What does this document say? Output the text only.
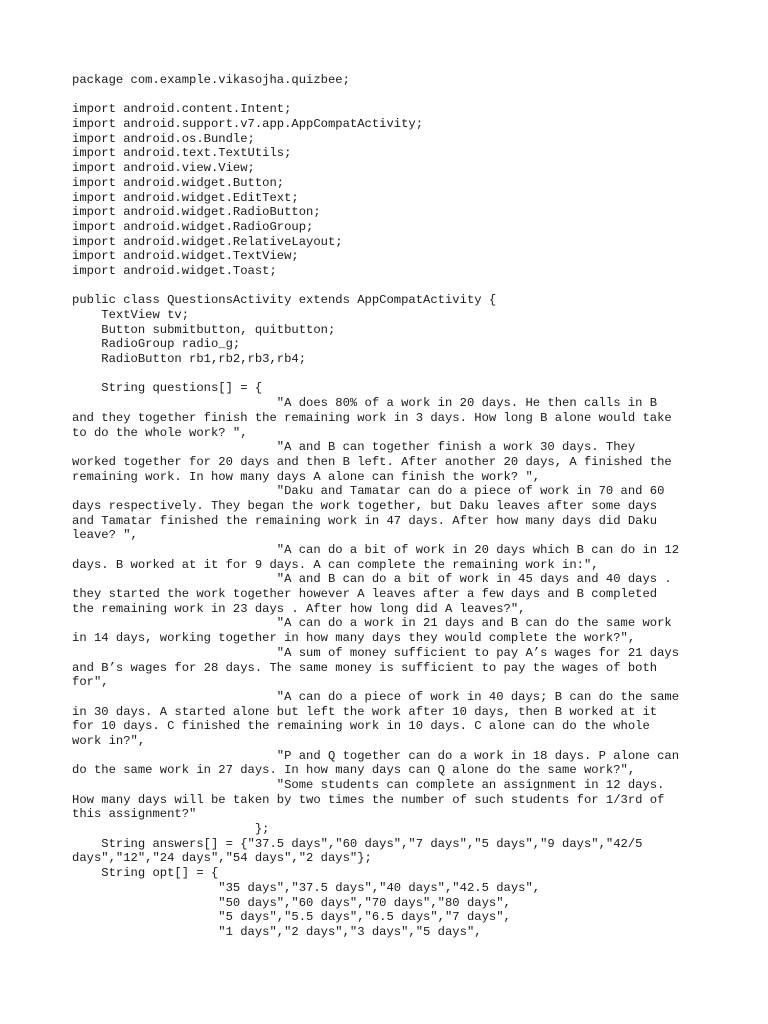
package com.example.vikasojha.quizbee;
import android.content.Intent;
import android.support.v7.app.AppCompatActivity;
import android.os.Bundle;
import android.text.TextUtils;
import android.view.View;
import android.widget.Button;
import android.widget.EditText;
import android.widget.RadioButton;
import android.widget.RadioGroup;
import android.widget.RelativeLayout;
import android.widget.TextView;
import android.widget.Toast;
public class QuestionsActivity extends AppCompatActivity {
TextView tv;
Button submitbutton, quitbutton;
RadioGroup radio_g;
RadioButton rb1,rb2,rb3,rb4;
String questions[] = {
"A does 80% of a work in 20 days. He then calls in B
and they together finish the remaining work in 3 days. How long B alone would take
to do the whole work? ",
"A and B can together finish a work 30 days. They
worked together for 20 days and then B left. After another 20 days, A finished the
remaining work. In how many days A alone can finish the work? ",
"Daku and Tamatar can do a piece of work in 70 and 60
days respectively. They began the work together, but Daku leaves after some days
and Tamatar finished the remaining work in 47 days. After how many days did Daku
leave? ",
"A can do a bit of work in 20 days which B can do in 12
days. B worked at it for 9 days. A can complete the remaining work in:",
"A and B can do a bit of work in 45 days and 40 days .
they started the work together however A leaves after a few days and B completed
the remaining work in 23 days . After how long did A leaves?",
"A can do a work in 21 days and B can do the same work
in 14 days, working together in how many days they would complete the work?",
"A sum of money sufficient to pay A’s wages for 21 days
and B’s wages for 28 days. The same money is sufficient to pay the wages of both
for",
"A can do a piece of work in 40 days; B can do the same
in 30 days. A started alone but left the work after 10 days, then B worked at it
for 10 days. C finished the remaining work in 10 days. C alone can do the whole
work in?",
"P and Q together can do a work in 18 days. P alone can
do the same work in 27 days. In how many days can Q alone do the same work?",
"Some students can complete an assignment in 12 days.
How many days will be taken by two times the number of such students for 1/3rd of
this assignment?"
};
String answers[] = {"37.5 days","60 days","7 days","5 days","9 days","42/5
days","12","24 days","54 days","2 days"};
String opt[] = {
"35 days","37.5 days","40 days","42.5 days",
"50 days","60 days","70 days","80 days",
"5 days","5.5 days","6.5 days","7 days",
"1 days","2 days","3 days","5 days",
